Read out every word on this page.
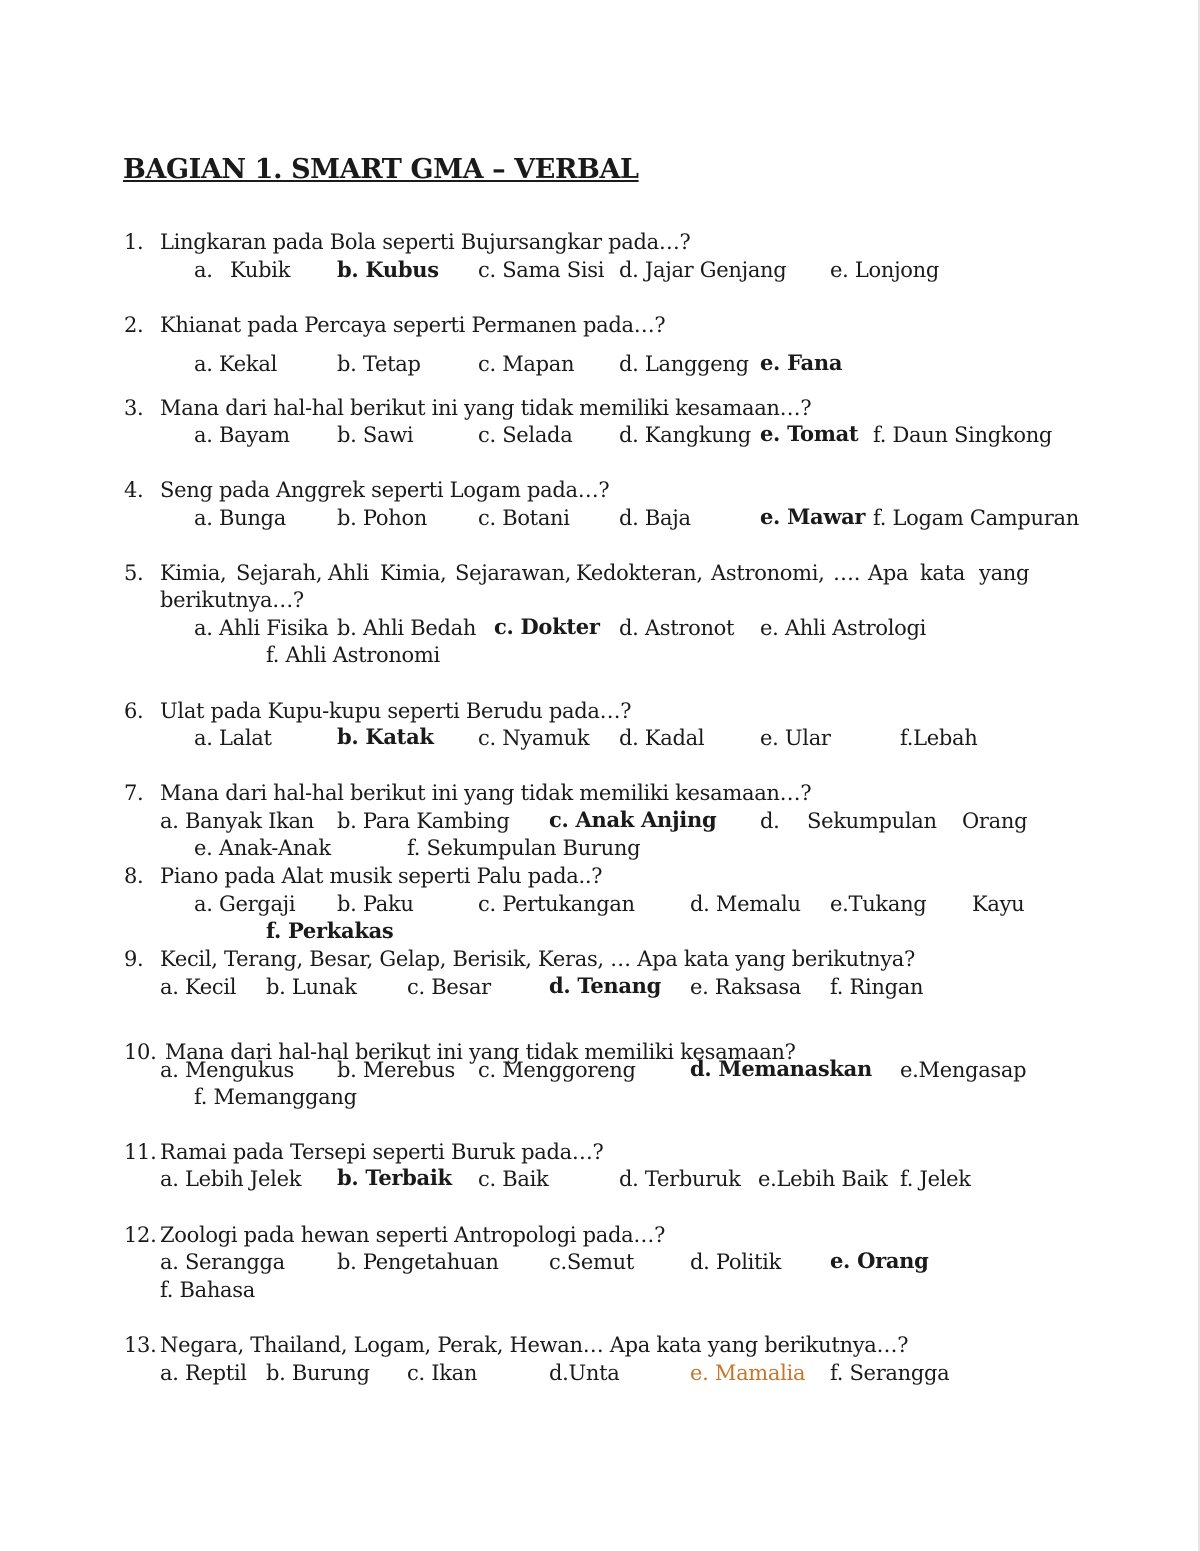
BAGIAN 1. SMART GMA – VERBAL
1. Lingkaran pada Bola seperti Bujursangkar pada…?
a. Kubik b. Kubus c. Sama Sisi d. Jajar Genjang e. Lonjong
2. Khianat pada Percaya seperti Permanen pada…?
a. Kekal	b. Tetap	c. Mapan d. Langgeng e. Fana
3. Mana dari hal-hal berikut ini yang tidak memiliki kesamaan…?
a. Bayam b. Sawi	c. Selada d. Kangkung e. Tomat f. Daun Singkong
4. Seng pada Anggrek seperti Logam pada…?
a. Bunga b. Pohon c. Botani d. Baja	e. Mawar f. Logam Campuran
5. Kimia, Sejarah, Ahli Kimia, Sejarawan, Kedokteran, Astronomi, …. Apa kata yang
berikutnya…?
a. Ahli Fisika b. Ahli Bedah c. Dokter d. Astronot e. Ahli Astrologi
f. Ahli Astronomi
6. Ulat pada Kupu-kupu seperti Berudu pada…?
a. Lalat	b. Katak c. Nyamuk d. Kadal	e. Ular	f.Lebah
7. Mana dari hal-hal berikut ini yang tidak memiliki kesamaan…?
a. Banyak Ikan b. Para Kambing c. Anak Anjing d. Sekumpulan Orang
e. Anak-Anak	f. Sekumpulan Burung
8. Piano pada Alat musik seperti Palu pada..?
a. Gergaji b. Paku	c. Pertukangan	d. Memalu e.Tukang Kayu
f. Perkakas
9. Kecil, Terang, Besar, Gelap, Berisik, Keras, … Apa kata yang berikutnya?
a. Kecil b. Lunak c. Besar	d. Tenang e. Raksasa f. Ringan
10. Mana dari hal-hal berikut ini yang tidak memiliki kesamaan?
a. Mengukus b. Merebus c. Menggoreng	d. Memanaskan e.Mengasap
f. Memanggang
11. Ramai pada Tersepi seperti Buruk pada…?
a. Lebih Jelek b. Terbaik c. Baik	d. Terburuk e.Lebih Baik f. Jelek
12. Zoologi pada hewan seperti Antropologi pada…?
a. Serangga b. Pengetahuan c.Semut	d. Politik e. Orang
f. Bahasa
13. Negara, Thailand, Logam, Perak, Hewan… Apa kata yang berikutnya…?
a. Reptil b. Burung c. Ikan	d.Unta	e. Mamalia f. Serangga
